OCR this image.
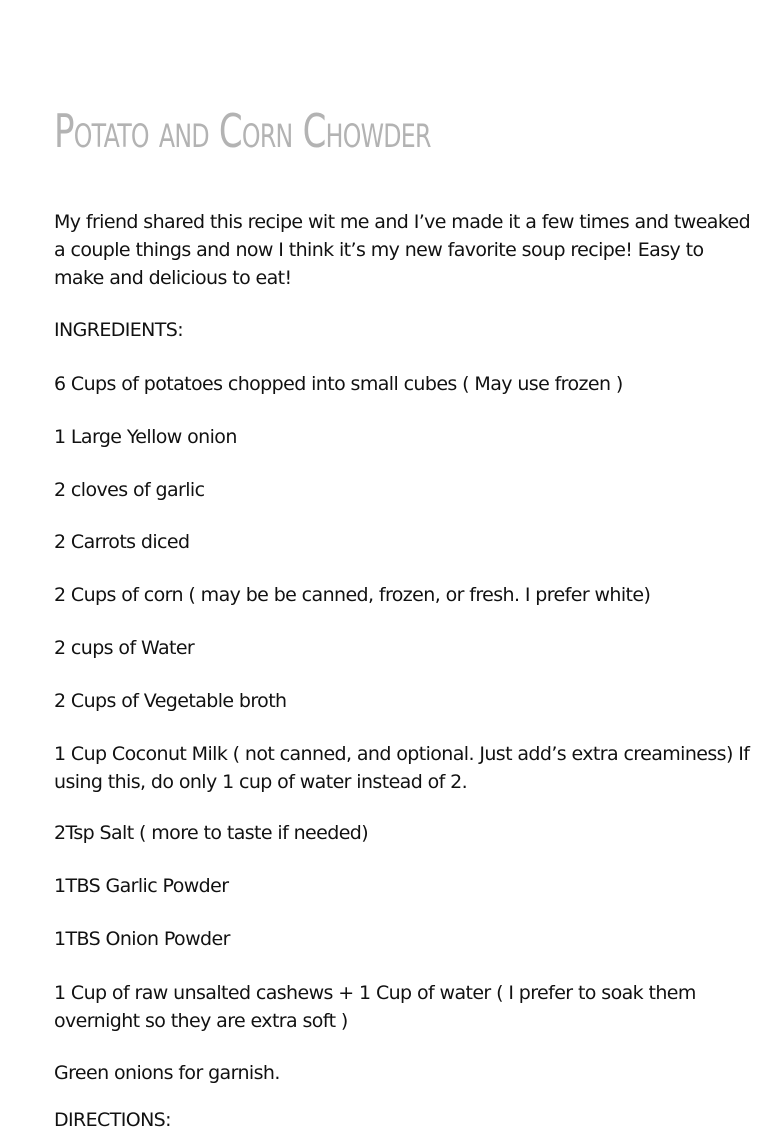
Potato and Corn Chowder

My friend shared this recipe wit me and I’ve made it a few times and tweaked a couple things and now I think it’s my new favorite soup recipe! Easy to make and delicious to eat!

INGREDIENTS:

6 Cups of potatoes chopped into small cubes ( May use frozen )

1 Large Yellow onion

2 cloves of garlic

2 Carrots diced

2 Cups of corn ( may be be canned, frozen, or fresh. I prefer white)

2 cups of Water

2 Cups of Vegetable broth

1 Cup Coconut Milk ( not canned, and optional. Just add’s extra creaminess) If using this, do only 1 cup of water instead of 2.

2Tsp Salt ( more to taste if needed)

1TBS Garlic Powder

1TBS Onion Powder

1 Cup of raw unsalted cashews + 1 Cup of water ( I prefer to soak them overnight so they are extra soft )

Green onions for garnish.

DIRECTIONS:
